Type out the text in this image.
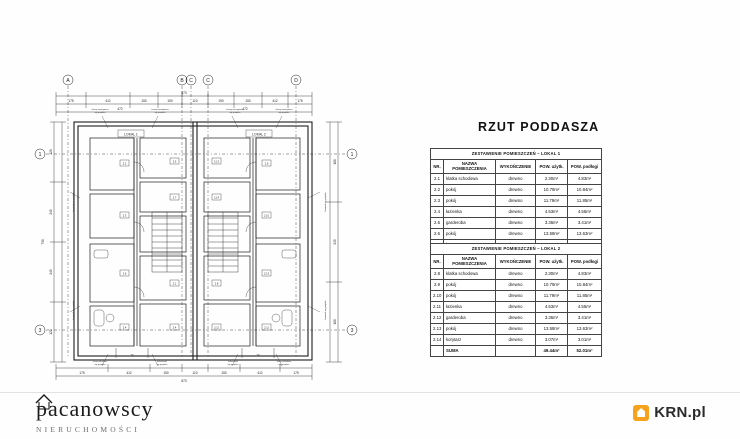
A	B C	C	D
1
3
1
3
175	412	150	190	110	190	150	412	175
472	472
873
120
245
245
120
730
160
245
160
175	412	150	110	150	412	175
873
2.2
2.3
2.6
2.4
2.5
2.7
2.1
2.4
2.9
2.10
2.13
2.11
2.12
2.14
2.8
2.11
LOKAL 1	LOKAL 2
ściany zewnętrzne
wg projektu
ściany wewnętrzne
wg projektu
ściany wewnętrzne
wg projektu
ściany zewnętrzne
wg projektu
ściany działowe
wg projektu
balustrada
wg projektu
balustrada
wg projektu
ściany działowe
wg projektu
kominek wg projektu
kominek wg projektu
kominek wg projektu
kominek wg projektu
70	70
RZUT PODDASZA
ZESTAWIENIE POMIESZCZEŃ – LOKAL 1				
NR.	NAZWA POMIESZCZENIA	WYKOŃCZENIE	POW. użytk.	POW. podłogi
2.1	klatka schodowa	drewno	2.30m²	4.83m²
2.2	pokój	drewno	10.79m²	10.84m²
2.3	pokój	drewno	11.79m²	11.85m²
2.4	łazienka	drewno	4.53m²	4.55m²
2.5	garderoba	drewno	3.36m²	3.41m²
2.6	pokój	drewno	13.58m²	13.63m²

ZESTAWIENIE POMIESZCZEŃ – LOKAL 2				
NR.	NAZWA POMIESZCZENIA	WYKOŃCZENIE	POW. użytk.	POW. podłogi
2.8	klatka schodowa	drewno	2.30m²	4.83m²
2.9	pokój	drewno	10.79m²	10.84m²
2.10	pokój	drewno	11.79m²	11.85m²
2.11	łazienka	drewno	4.53m²	4.55m²
2.12	garderoba	drewno	3.36m²	3.41m²
2.13	pokój	drewno	13.58m²	13.63m²
2.14	korytarz	drewno	3.07m²	3.01m²
	SUMA		49.44m²	52.01m²
pacanowscy
NIERUCHOMOŚCI
KRN.pl
